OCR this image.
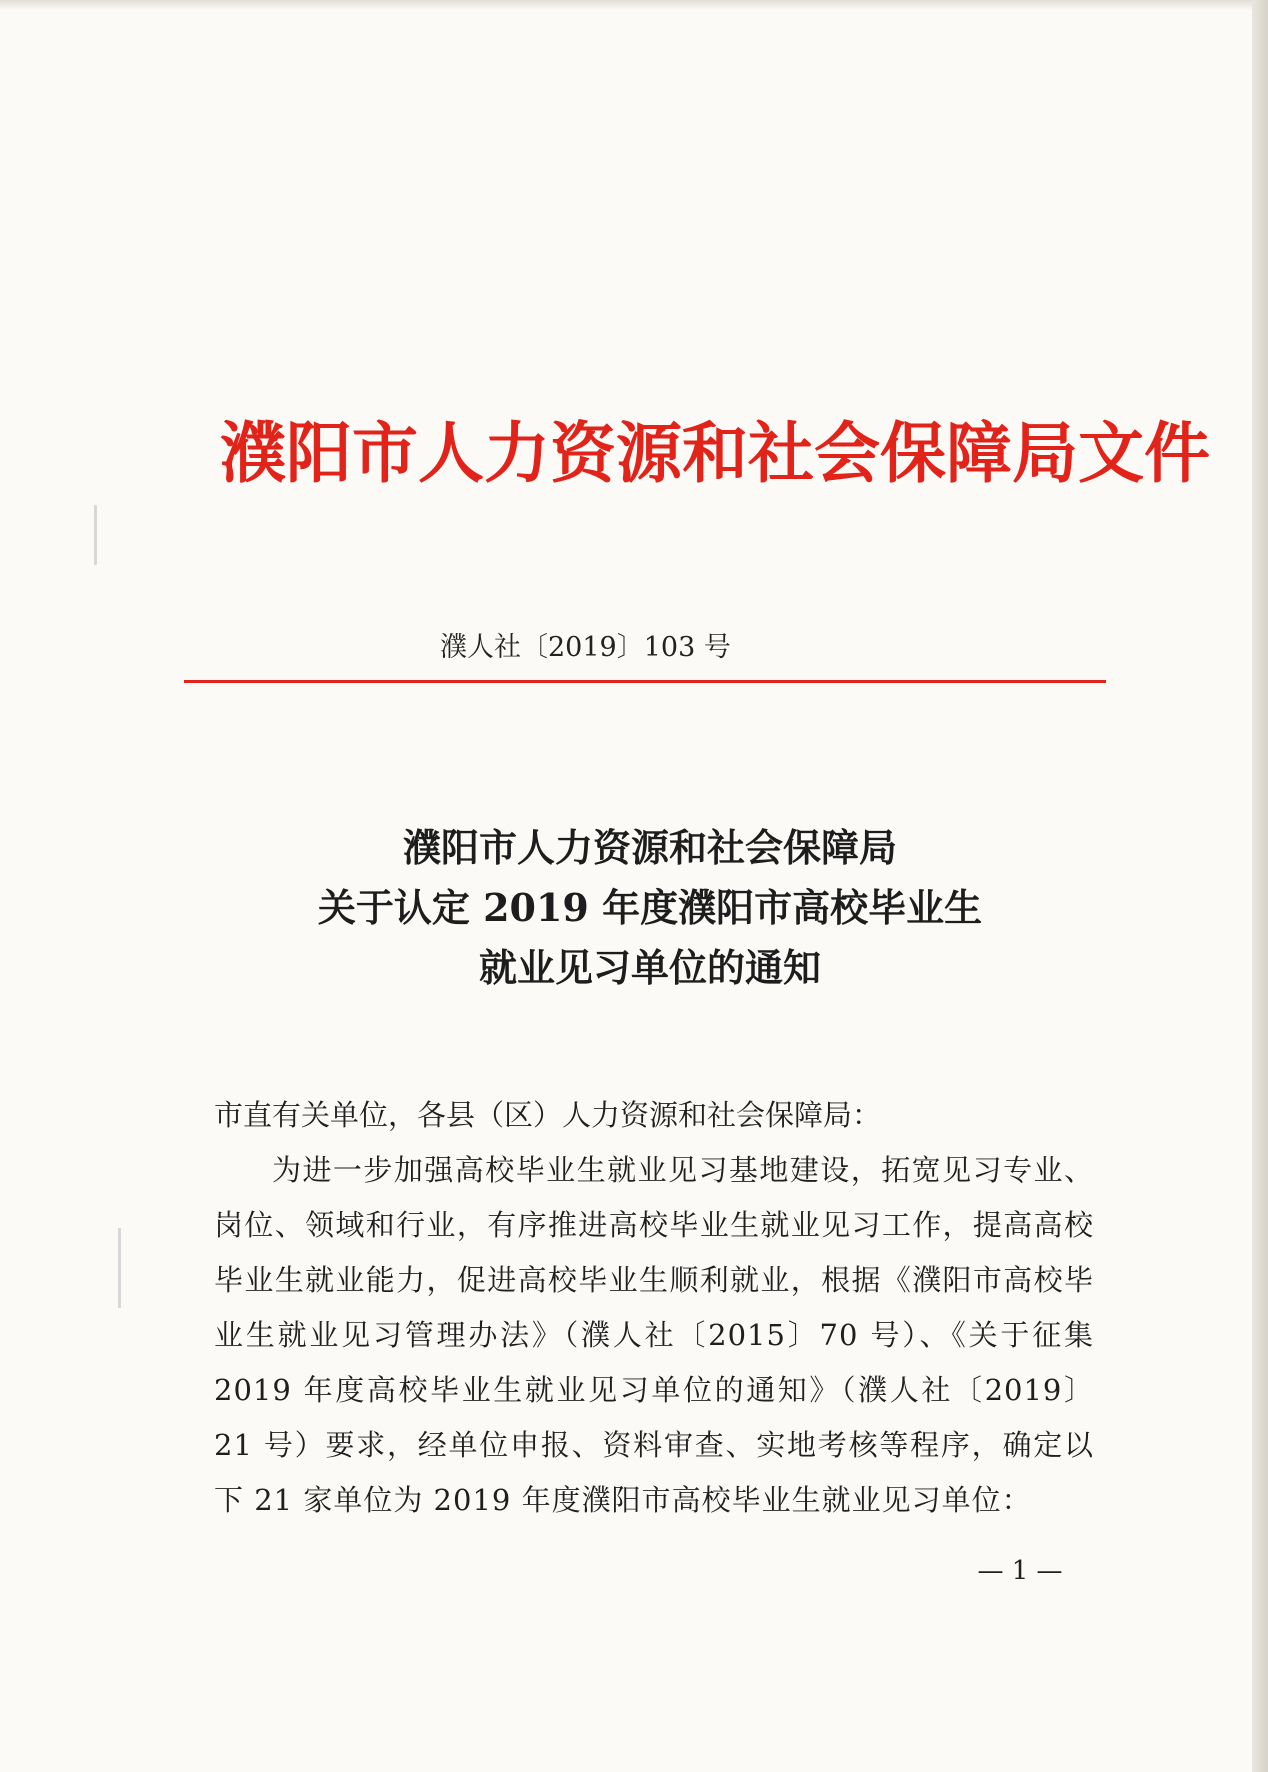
濮阳市人力资源和社会保障局文件
濮人社〔2019〕103 号
濮阳市人力资源和社会保障局
关于认定 2019 年度濮阳市高校毕业生
就业见习单位的通知
市直有关单位，各县（区）人力资源和社会保障局：
为进一步加强高校毕业生就业见习基地建设，拓宽见习专业、岗位、领域和行业，有序推进高校毕业生就业见习工作，提高高校毕业生就业能力，促进高校毕业生顺利就业，根据《濮阳市高校毕业生就业见习管理办法》（濮人社〔2015〕70 号）、《关于征集 2019 年度高校毕业生就业见习单位的通知》（濮人社〔2019〕21 号）要求，经单位申报、资料审查、实地考核等程序，确定以下 21 家单位为 2019 年度濮阳市高校毕业生就业见习单位：
— 1 —
